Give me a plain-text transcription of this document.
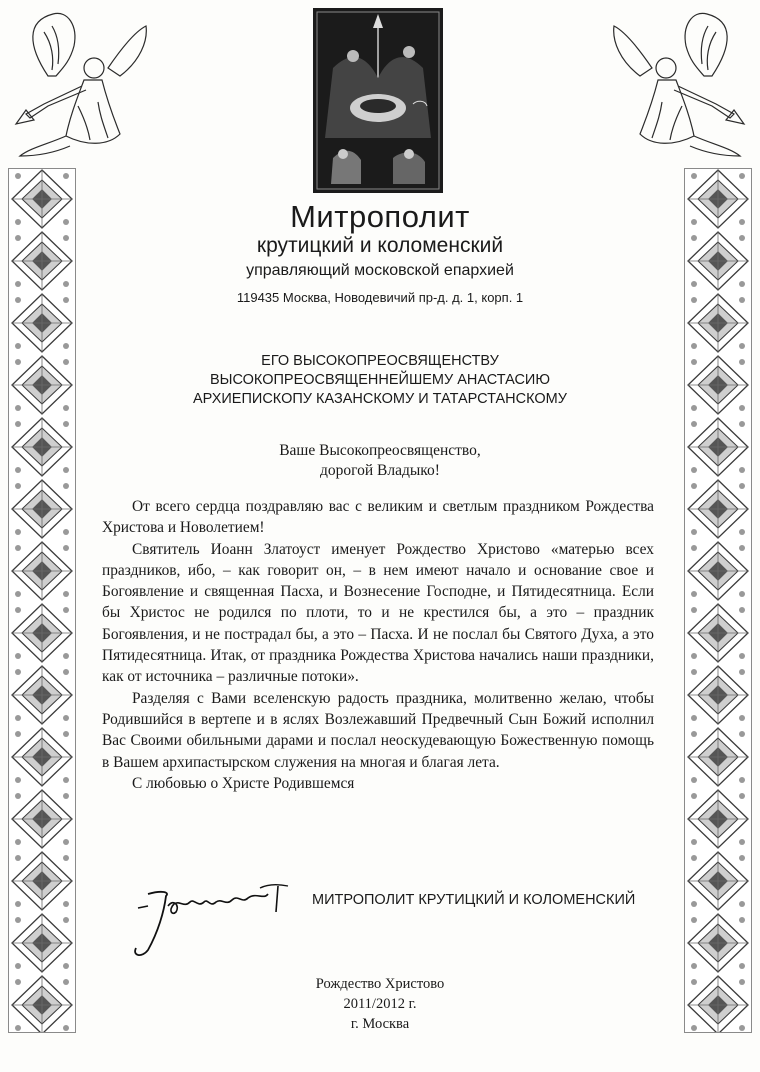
Митрополит
крутицкий и коломенский
управляющий московской епархией
119435 Москва, Новодевичий пр-д. д. 1, корп. 1
ЕГО ВЫСОКОПРЕОСВЯЩЕНСТВУ
ВЫСОКОПРЕОСВЯЩЕННЕЙШЕМУ АНАСТАСИЮ
АРХИЕПИСКОПУ КАЗАНСКОМУ И ТАТАРСТАНСКОМУ
Ваше Высокопреосвященство,
дорогой Владыко!

От всего сердца поздравляю вас с великим и светлым праздником Рождества Христова и Новолетием!

Святитель Иоанн Златоуст именует Рождество Христово «матерью всех праздников, ибо, – как говорит он, – в нем имеют начало и основание свое и Богоявление и священная Пасха, и Вознесение Господне, и Пятидесятница. Если бы Христос не родился по плоти, то и не крестился бы, а это – праздник Богоявления, и не пострадал бы, а это – Пасха. И не послал бы Святого Духа, а это Пятидесятница. Итак, от праздника Рождества Христова начались наши праздники, как от источника – различные потоки».

Разделяя с Вами вселенскую радость праздника, молитвенно желаю, чтобы Родившийся в вертепе и в яслях Возлежавший Предвечный Сын Божий исполнил Вас Своими обильными дарами и послал неоскудевающую Божественную помощь в Вашем архипастырском служения на многая и благая лета.

С любовью о Христе Родившемся

МИТРОПОЛИТ КРУТИЦКИЙ И КОЛОМЕНСКИЙ
Рождество Христово
2011/2012 г.
г. Москва
